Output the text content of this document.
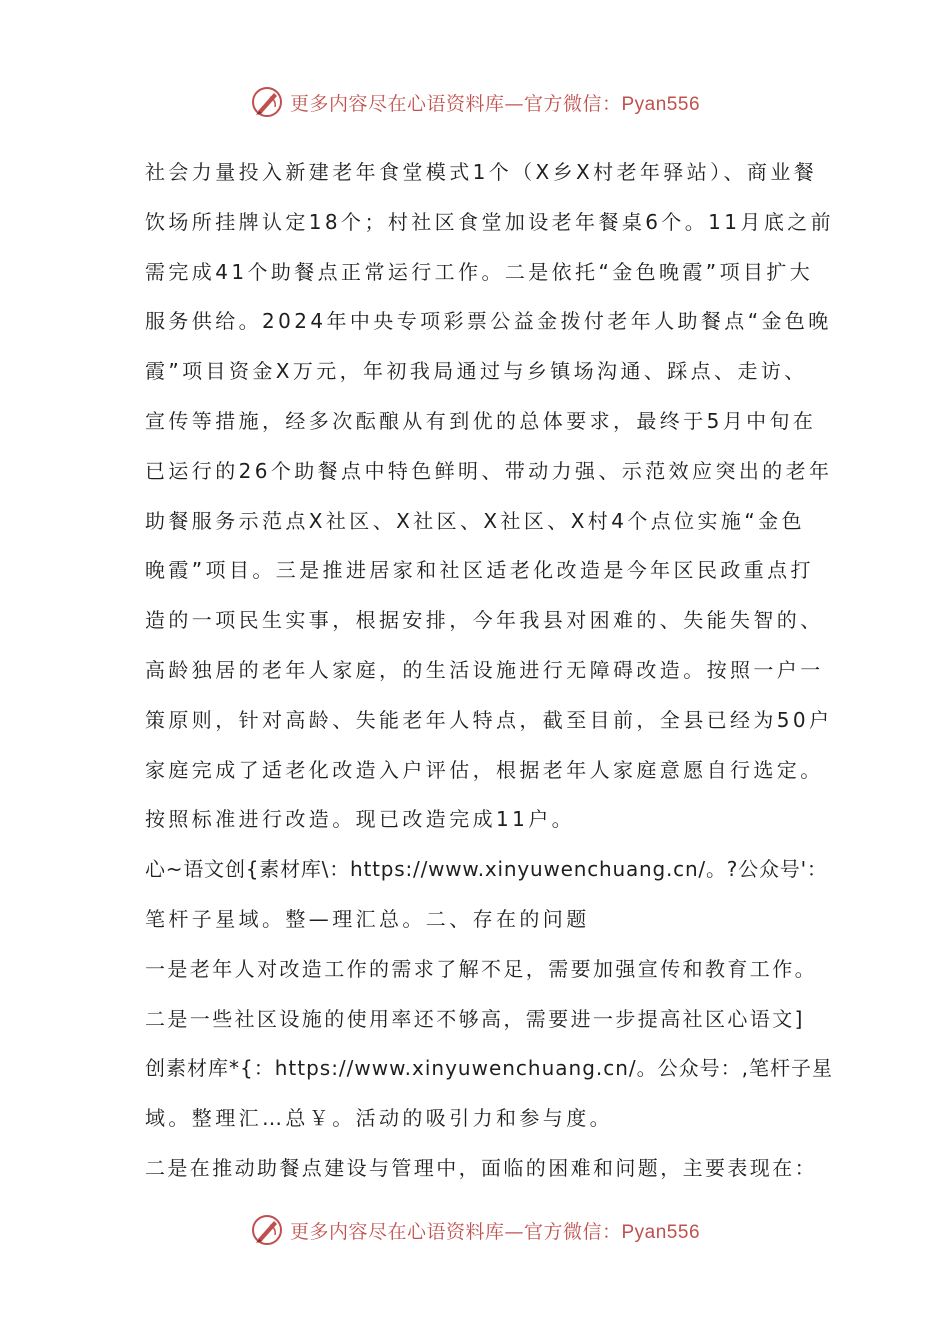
更多内容尽在心语资料库—官方微信：Pyan556
社会力量投入新建老年食堂模式1个（X乡X村老年驿站）、商业餐
饮场所挂牌认定18个；村社区食堂加设老年餐桌6个。11月底之前
需完成41个助餐点正常运行工作。二是依托“金色晚霞”项目扩大
服务供给。2024年中央专项彩票公益金拨付老年人助餐点“金色晚
霞”项目资金X万元，年初我局通过与乡镇场沟通、踩点、走访、
宣传等措施，经多次酝酿从有到优的总体要求，最终于5月中旬在
已运行的26个助餐点中特色鲜明、带动力强、示范效应突出的老年
助餐服务示范点X社区、X社区、X社区、X村4个点位实施“金色
晚霞”项目。三是推进居家和社区适老化改造是今年区民政重点打
造的一项民生实事，根据安排，今年我县对困难的、失能失智的、
高龄独居的老年人家庭，的生活设施进行无障碍改造。按照一户一
策原则，针对高龄、失能老年人特点，截至目前，全县已经为50户
家庭完成了适老化改造入户评估，根据老年人家庭意愿自行选定。
按照标准进行改造。现已改造完成11户。
心~语文创{素材库\：https://www.xinyuwenchuang.cn/。?公众号'：
笔杆子星域。整—理汇总。二、存在的问题
一是老年人对改造工作的需求了解不足，需要加强宣传和教育工作。
二是一些社区设施的使用率还不够高，需要进一步提高社区心语文]
创素材库*{：https://www.xinyuwenchuang.cn/。公众号：,笔杆子星
域。整理汇…总￥。活动的吸引力和参与度。
二是在推动助餐点建设与管理中，面临的困难和问题，主要表现在：
更多内容尽在心语资料库—官方微信：Pyan556
